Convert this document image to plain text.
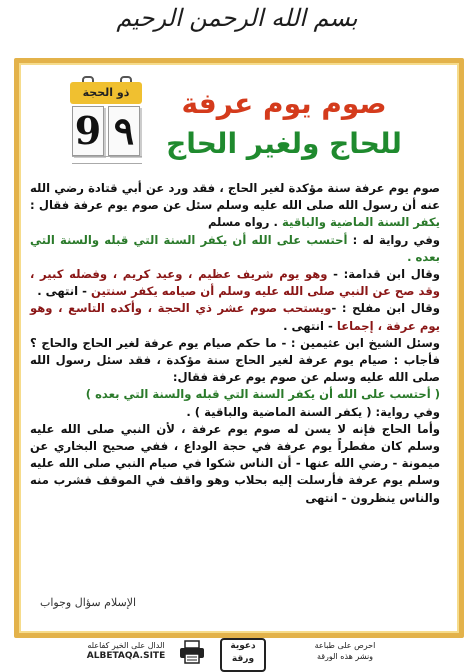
بسم الله الرحمن الرحيم
ذو الحجة
9 ٩
صوم يوم عرفة
للحاج ولغير الحاج

صوم يوم عرفة سنة مؤكدة لغير الحاج ، فقد ورد عن أبي قتادة رضي الله عنه أن رسول الله صلى الله عليه وسلم سئل عن صوم يوم عرفة فقال : يكفر السنة الماضية والباقية . رواه مسلم

وفي رواية له : أحتسب على الله أن يكفر السنة التي قبله والسنة التي بعده .

وقال ابن قدامة: - وهو يوم شريف عظيم ، وعيد كريم ، وفضله كبير ، وقد صح عن النبي صلى الله عليه وسلم أن صيامه يكفر سنتين - انتهى .

وقال ابن مفلح : -ويستحب صوم عشر ذي الحجة ، وأكده التاسع ، وهو يوم عرفة ، إجماعا - انتهى .

وسئل الشيخ ابن عثيمين : - ما حكم صيام يوم عرفة لغير الحاج والحاج ؟ فأجاب : صيام يوم عرفة لغير الحاج سنة مؤكدة ، فقد سئل رسول الله صلى الله عليه وسلم عن صوم يوم عرفة فقال:

( أحتسب على الله أن يكفر السنة التي قبله والسنة التي بعده )

وفي رواية: ( يكفر السنة الماضية والباقية ) .

وأما الحاج فإنه لا يسن له صوم يوم عرفة ، لأن النبي صلى الله عليه وسلم كان مفطراً يوم عرفة في حجة الوداع ، ففي صحيح البخاري عن ميمونة - رضي الله عنها - أن الناس شكوا في صيام النبي صلى الله عليه وسلم يوم عرفة فأرسلت إليه بحلاب وهو واقف في الموقف فشرب منه والناس ينظرون - انتهى

الإسلام سؤال وجواب
الدال على الخير كفاعله
ALBETAQA.SITE
دعوية
ورقة
احرص على طباعة
ونشر هذه الورقة
